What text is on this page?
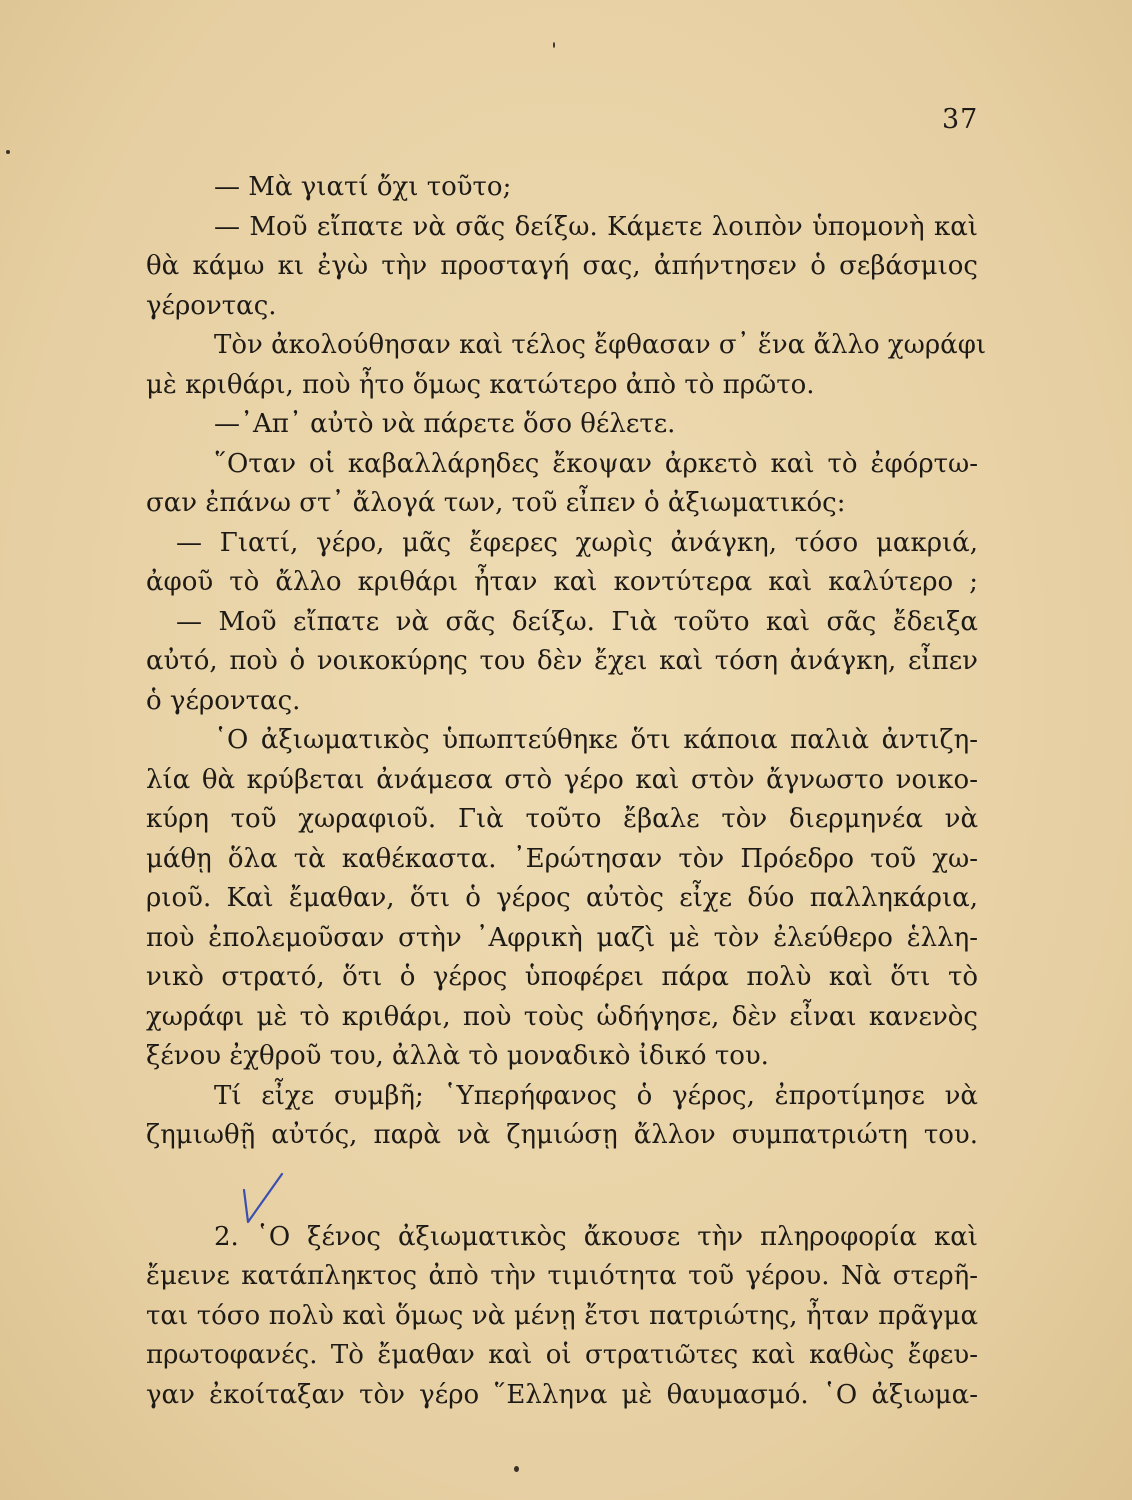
37
— Μὰ γιατί ὄχι τοῦτο;
— Μοῦ εἴπατε νὰ σᾶς δείξω. Κάμετε λοιπὸν ὑπομονὴ καὶ
θὰ κάμω κι ἐγὼ τὴν προσταγή σας, ἀπήντησεν ὁ σεβάσμιος
γέροντας.
Τὸν ἀκολούθησαν καὶ τέλος ἔφθασαν σ᾿ ἕνα ἄλλο χωράφι
μὲ κριθάρι, ποὺ ἦτο ὅμως κατώτερο ἀπὸ τὸ πρῶτο.
—᾿Απ᾿ αὐτὸ νὰ πάρετε ὅσο θέλετε.
῞Οταν οἱ καβαλλάρηδες ἔκοψαν ἀρκετὸ καὶ τὸ ἐφόρτω-
σαν ἐπάνω στ᾿ ἄλογά των, τοῦ εἶπεν ὁ ἀξιωματικός:
— Γιατί, γέρο, μᾶς ἔφερες χωρὶς ἀνάγκη, τόσο μακριά,
ἀφοῦ τὸ ἄλλο κριθάρι ἦταν καὶ κοντύτερα καὶ καλύτερο ;
— Μοῦ εἴπατε νὰ σᾶς δείξω. Γιὰ τοῦτο καὶ σᾶς ἔδειξα
αὐτό, ποὺ ὁ νοικοκύρης του δὲν ἔχει καὶ τόση ἀνάγκη, εἶπεν
ὁ γέροντας.
῾Ο ἀξιωματικὸς ὑπωπτεύθηκε ὅτι κάποια παλιὰ ἀντιζη-
λία θὰ κρύβεται ἀνάμεσα στὸ γέρο καὶ στὸν ἄγνωστο νοικο-
κύρη τοῦ χωραφιοῦ. Γιὰ τοῦτο ἔβαλε τὸν διερμηνέα νὰ
μάθῃ ὅλα τὰ καθέκαστα. ᾿Ερώτησαν τὸν Πρόεδρο τοῦ χω-
ριοῦ. Καὶ ἔμαθαν, ὅτι ὁ γέρος αὐτὸς εἶχε δύο παλληκάρια,
ποὺ ἐπολεμοῦσαν στὴν ᾿Αφρικὴ μαζὶ μὲ τὸν ἐλεύθερο ἑλλη-
νικὸ στρατό, ὅτι ὁ γέρος ὑποφέρει πάρα πολὺ καὶ ὅτι τὸ
χωράφι μὲ τὸ κριθάρι, ποὺ τοὺς ὡδήγησε, δὲν εἶναι κανενὸς
ξένου ἐχθροῦ του, ἀλλὰ τὸ μοναδικὸ ἰδικό του.
Τί εἶχε συμβῆ; ῾Υπερήφανος ὁ γέρος, ἐπροτίμησε νὰ
ζημιωθῇ αὐτός, παρὰ νὰ ζημιώσῃ ἄλλον συμπατριώτη του.
2. ῾Ο ξένος ἀξιωματικὸς ἄκουσε τὴν πληροφορία καὶ
ἔμεινε κατάπληκτος ἀπὸ τὴν τιμιότητα τοῦ γέρου. Νὰ στερῆ-
ται τόσο πολὺ καὶ ὅμως νὰ μένῃ ἔτσι πατριώτης, ἦταν πρᾶγμα
πρωτοφανές. Τὸ ἔμαθαν καὶ οἱ στρατιῶτες καὶ καθὼς ἔφευ-
γαν ἐκοίταξαν τὸν γέρο ῞Ελληνα μὲ θαυμασμό. ῾Ο ἀξιωμα-
